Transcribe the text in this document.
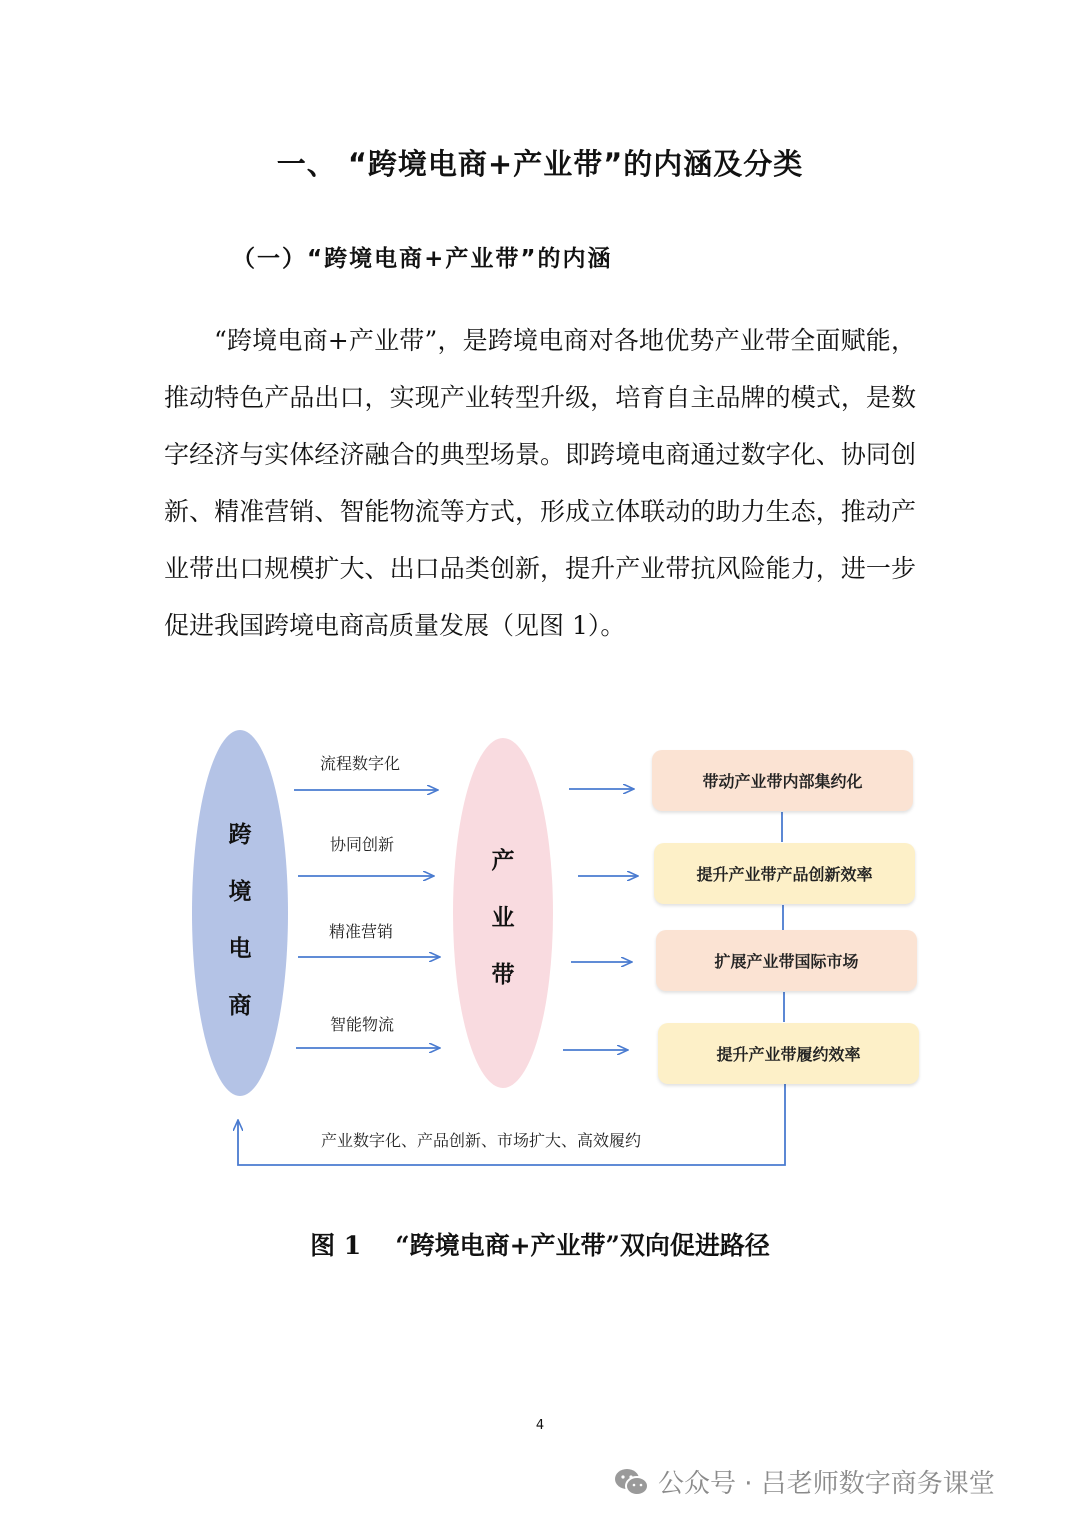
一、 “跨境电商+产业带”的内涵及分类
（一）“跨境电商+产业带”的内涵

“跨境电商+产业带”，是跨境电商对各地优势产业带全面赋能，推动特色产品出口，实现产业转型升级，培育自主品牌的模式，是数字经济与实体经济融合的典型场景。即跨境电商通过数字化、协同创新、精准营销、智能物流等方式，形成立体联动的助力生态，推动产业带出口规模扩大、出口品类创新，提升产业带抗风险能力，进一步促进我国跨境电商高质量发展（见图 1）。

跨
境
电
商
产
业
带
流程数字化
协同创新
精准营销
智能物流
带动产业带内部集约化
提升产业带产品创新效率
扩展产业带国际市场
提升产业带履约效率
产业数字化、产品创新、市场扩大、高效履约
图 1 “跨境电商+产业带”双向促进路径
4
公众号 · 吕老师数字商务课堂
